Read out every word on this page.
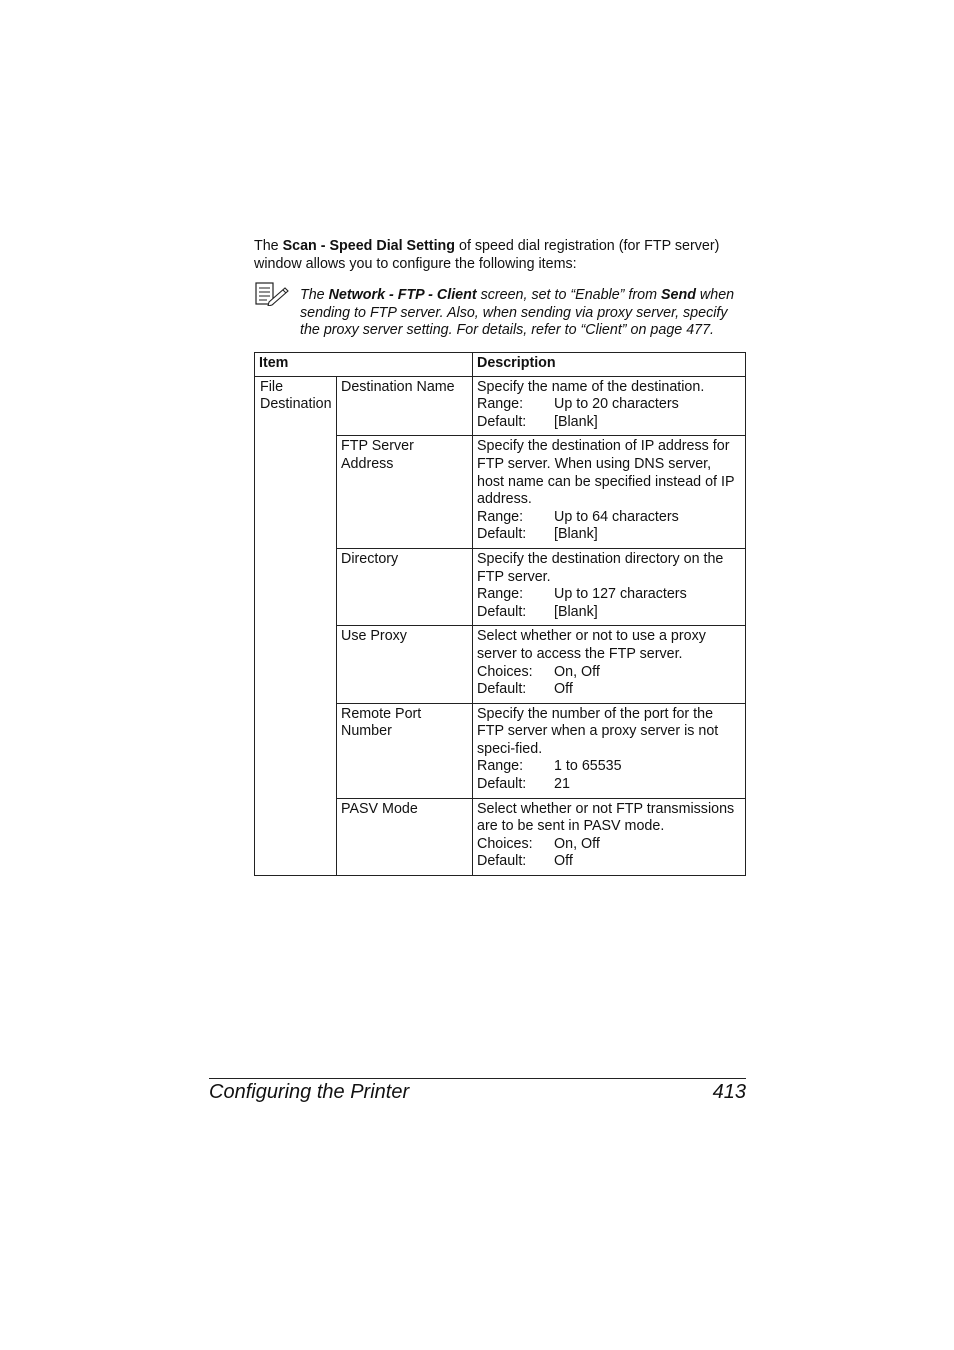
The Scan - Speed Dial Setting of speed dial registration (for FTP server) window allows you to configure the following items:

The Network - FTP - Client screen, set to “Enable” from Send when sending to FTP server. Also, when sending via proxy server, specify the proxy server setting. For details, refer to “Client” on page 477.

Item		Description
File Destination	Destination Name	Specify the name of the destination.
Range: Up to 20 characters
Default: [Blank]

	FTP Server Address	Specify the destination of IP address for FTP server. When using DNS server, host name can be specified instead of IP address.
Range: Up to 64 characters
Default: [Blank]

	Directory	Specify the destination directory on the FTP server.
Range: Up to 127 characters
Default: [Blank]

	Use Proxy	Select whether or not to use a proxy server to access the FTP server.
Choices: On, Off
Default: Off

	Remote Port Number	Specify the number of the port for the FTP server when a proxy server is not speci-fied.
Range: 1 to 65535
Default: 21

	PASV Mode	Select whether or not FTP transmissions are to be sent in PASV mode.
Choices: On, Off
Default: Off
Configuring the Printer	413
